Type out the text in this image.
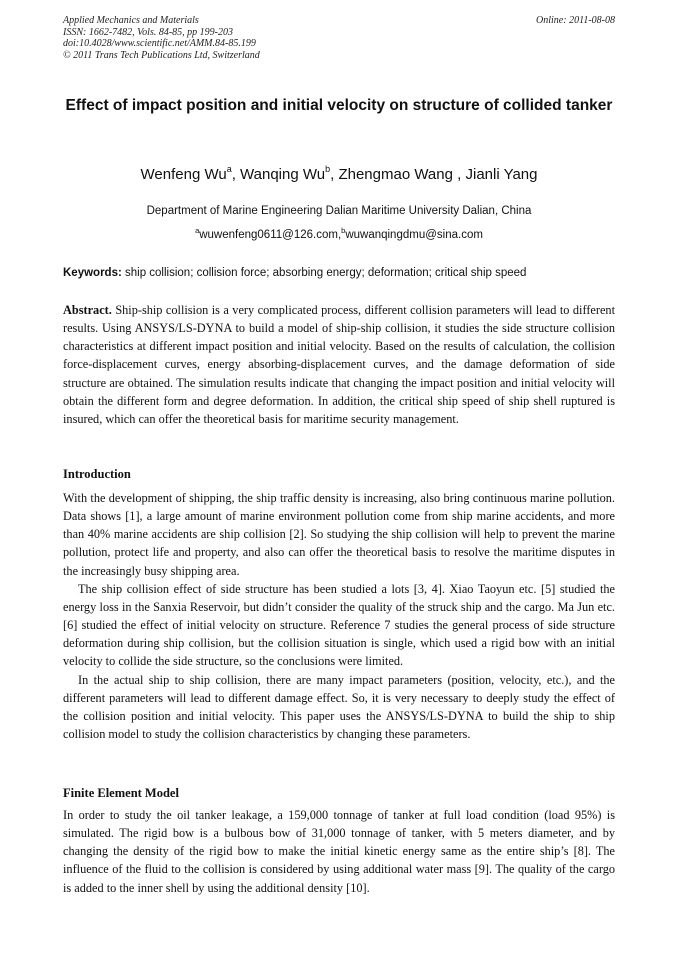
Applied Mechanics and Materials
ISSN: 1662-7482, Vols. 84-85, pp 199-203
doi:10.4028/www.scientific.net/AMM.84-85.199
© 2011 Trans Tech Publications Ltd, Switzerland
Online: 2011-08-08
Effect of impact position and initial velocity on structure of collided tanker
Wenfeng Wu$^a$, Wanqing Wu$^b$, Zhengmao Wang , Jianli Yang
Department of Marine Engineering Dalian Maritime University Dalian, China
$^a$wuwenfeng0611@126.com,$^b$wuwanqingdmu@sina.com
Keywords: ship collision; collision force; absorbing energy; deformation; critical ship speed

Abstract. Ship-ship collision is a very complicated process, different collision parameters will lead to different results. Using ANSYS/LS-DYNA to build a model of ship-ship collision, it studies the side structure collision characteristics at different impact position and initial velocity. Based on the results of calculation, the collision force-displacement curves, energy absorbing-displacement curves, and the damage deformation of side structure are obtained. The simulation results indicate that changing the impact position and initial velocity will obtain the different form and degree deformation. In addition, the critical ship speed of ship shell ruptured is insured, which can offer the theoretical basis for maritime security management.

Introduction

With the development of shipping, the ship traffic density is increasing, also bring continuous marine pollution. Data shows [1], a large amount of marine environment pollution come from ship marine accidents, and more than 40% marine accidents are ship collision [2]. So studying the ship collision will help to prevent the marine pollution, protect life and property, and also can offer the theoretical basis to resolve the maritime disputes in the increasingly busy shipping area.

The ship collision effect of side structure has been studied a lots [3, 4]. Xiao Taoyun etc. [5] studied the energy loss in the Sanxia Reservoir, but didn’t consider the quality of the struck ship and the cargo. Ma Jun etc. [6] studied the effect of initial velocity on structure. Reference 7 studies the general process of side structure deformation during ship collision, but the collision situation is single, which used a rigid bow with an initial velocity to collide the side structure, so the conclusions were limited.

In the actual ship to ship collision, there are many impact parameters (position, velocity, etc.), and the different parameters will lead to different damage effect. So, it is very necessary to deeply study the effect of the collision position and initial velocity. This paper uses the ANSYS/LS-DYNA to build the ship to ship collision model to study the collision characteristics by changing these parameters.

Finite Element Model

In order to study the oil tanker leakage, a 159,000 tonnage of tanker at full load condition (load 95%) is simulated. The rigid bow is a bulbous bow of 31,000 tonnage of tanker, with 5 meters diameter, and by changing the density of the rigid bow to make the initial kinetic energy same as the entire ship’s [8]. The influence of the fluid to the collision is considered by using additional water mass [9]. The quality of the cargo is added to the inner shell by using the additional density [10].
